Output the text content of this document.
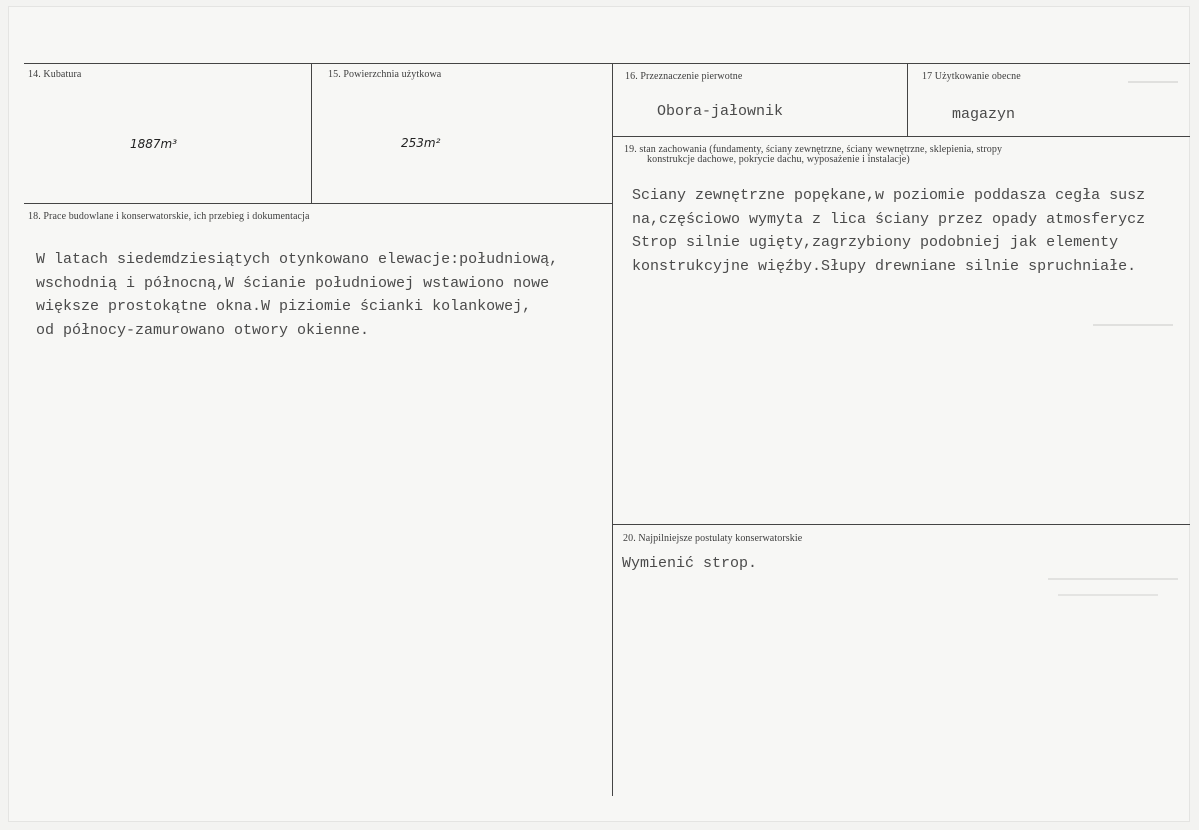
14. Kubatura
1887m³
15. Powierzchnia użytkowa
253m²
16. Przeznaczenie pierwotne
Obora-jałownik
17 Użytkowanie obecne
magazyn
18. Prace budowlane i konserwatorskie, ich przebieg i dokumentacja
W latach siedemdziesiątych otynkowano elewacje:południową,
wschodnią i północną,W ścianie południowej wstawiono nowe
większe prostokątne okna.W piziomie ścianki kolankowej,
od północy-zamurowano otwory okienne.
19. stan zachowania (fundamenty, ściany zewnętrzne, ściany wewnętrzne, sklepienia, stropy
konstrukcje dachowe, pokrycie dachu, wyposażenie i instalacje)
Sciany zewnętrzne popękane,w poziomie poddasza cegła susz
na,częściowo wymyta z lica ściany przez opady atmosferycz
Strop silnie ugięty,zagrzybiony podobniej jak elementy
konstrukcyjne więźby.Słupy drewniane silnie spruchniałe.
20. Najpilniejsze postulaty konserwatorskie
Wymienić strop.
